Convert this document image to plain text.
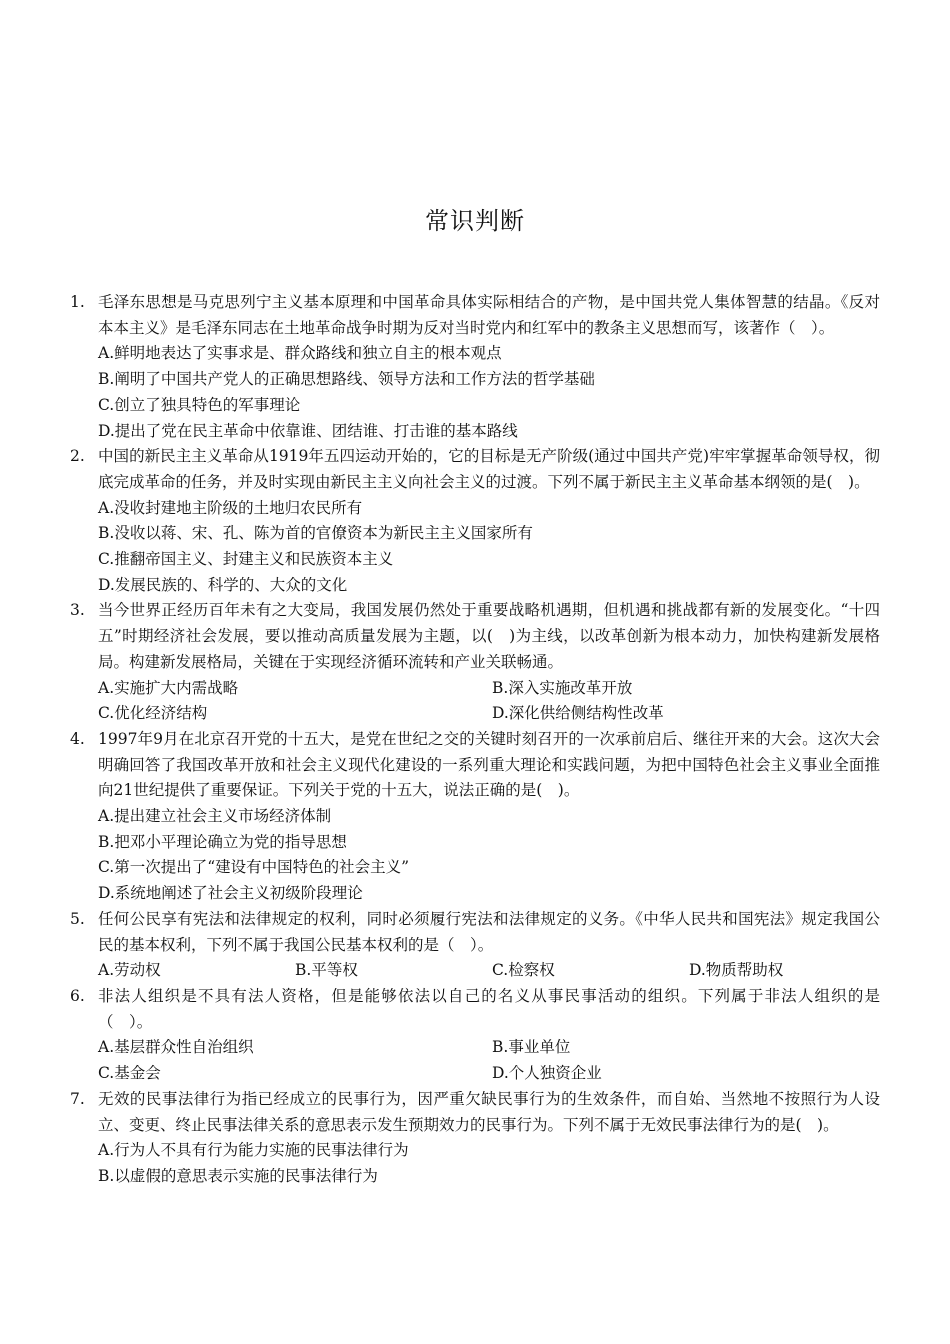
常识判断
1. 毛泽东思想是马克思列宁主义基本原理和中国革命具体实际相结合的产物，是中国共党人集体智慧的结晶。《反对本本主义》是毛泽东同志在土地革命战争时期为反对当时党内和红军中的教条主义思想而写，该著作（　）。
A.鲜明地表达了实事求是、群众路线和独立自主的根本观点
B.阐明了中国共产党人的正确思想路线、领导方法和工作方法的哲学基础
C.创立了独具特色的军事理论
D.提出了党在民主革命中依靠谁、团结谁、打击谁的基本路线
2. 中国的新民主主义革命从1919年五四运动开始的，它的目标是无产阶级(通过中国共产党)牢牢掌握革命领导权，彻底完成革命的任务，并及时实现由新民主主义向社会主义的过渡。下列不属于新民主主义革命基本纲领的是(　)。
A.没收封建地主阶级的土地归农民所有
B.没收以蒋、宋、孔、陈为首的官僚资本为新民主主义国家所有
C.推翻帝国主义、封建主义和民族资本主义
D.发展民族的、科学的、大众的文化
3. 当今世界正经历百年未有之大变局，我国发展仍然处于重要战略机遇期，但机遇和挑战都有新的发展变化。“十四五”时期经济社会发展，要以推动高质量发展为主题，以(　)为主线，以改革创新为根本动力，加快构建新发展格局。构建新发展格局，关键在于实现经济循环流转和产业关联畅通。
A.实施扩大内需战略	B.深入实施改革开放
C.优化经济结构	D.深化供给侧结构性改革
4. 1997年9月在北京召开党的十五大，是党在世纪之交的关键时刻召开的一次承前启后、继往开来的大会。这次大会明确回答了我国改革开放和社会主义现代化建设的一系列重大理论和实践问题，为把中国特色社会主义事业全面推向21世纪提供了重要保证。下列关于党的十五大，说法正确的是(　)。
A.提出建立社会主义市场经济体制
B.把邓小平理论确立为党的指导思想
C.第一次提出了“建设有中国特色的社会主义”
D.系统地阐述了社会主义初级阶段理论
5. 任何公民享有宪法和法律规定的权利，同时必须履行宪法和法律规定的义务。《中华人民共和国宪法》规定我国公民的基本权利，下列不属于我国公民基本权利的是（　）。
A.劳动权	B.平等权	C.检察权	D.物质帮助权
6. 非法人组织是不具有法人资格，但是能够依法以自己的名义从事民事活动的组织。下列属于非法人组织的是（　）。
A.基层群众性自治组织	B.事业单位
C.基金会	D.个人独资企业
7. 无效的民事法律行为指已经成立的民事行为，因严重欠缺民事行为的生效条件，而自始、当然地不按照行为人设立、变更、终止民事法律关系的意思表示发生预期效力的民事行为。下列不属于无效民事法律行为的是(　)。
A.行为人不具有行为能力实施的民事法律行为
B.以虚假的意思表示实施的民事法律行为
